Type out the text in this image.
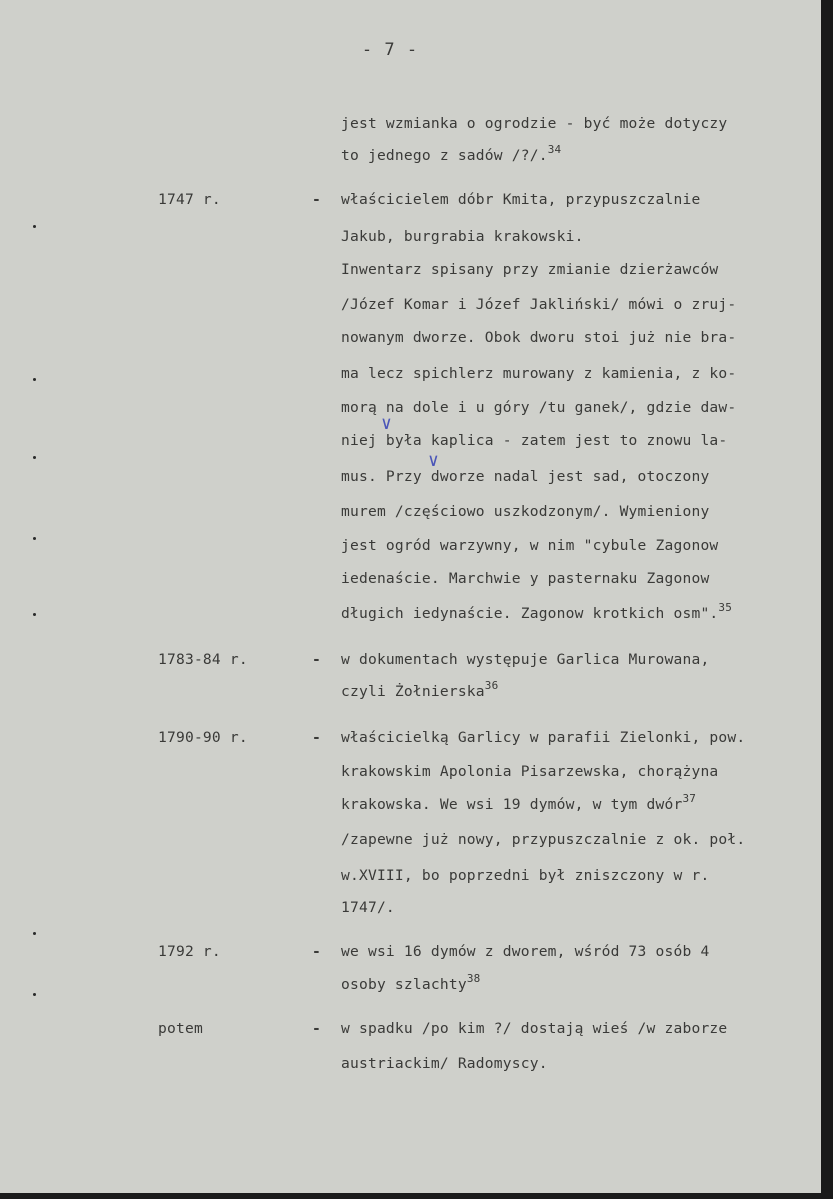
- 7 -
jest wzmianka o ogrodzie - być może dotyczy
to jednego z sadów /?/.$^{34}$
1747 r.	- właścicielem dóbr Kmita, przypuszczalnie
Jakub, burgrabia krakowski.
Inwentarz spisany przy zmianie dzierżawców
/Józef Komar i Józef Jakliński/ mówi o zruj-
nowanym dworze. Obok dworu stoi już nie bra-
ma lecz spichlerz murowany z kamienia, z ko-
morą na dole i u góry /tu ganek/, gdzie daw-
niej była kaplica - zatem jest to znowu la-
mus. Przy dworze nadal jest sad, otoczony
murem /częściowo uszkodzonym/. Wymieniony
jest ogród warzywny, w nim "cybule Zagonow
iedenaście. Marchwie y pasternaku Zagonow
długich iedynaście. Zagonow krotkich osm".$^{35}$
1783-84 r.	- w dokumentach występuje Garlica Murowana,
czyli Żołnierska$^{36}$
1790-90 r.	- właścicielką Garlicy w parafii Zielonki, pow.
krakowskim Apolonia Pisarzewska, chorążyna
krakowska. We wsi 19 dymów, w tym dwór$^{37}$
/zapewne już nowy, przypuszczalnie z ok. poł.
w.XVIII, bo poprzedni był zniszczony w r.
1747/.
1792 r.	- we wsi 16 dymów z dworem, wśród 73 osób 4
osoby szlachty$^{38}$
potem	- w spadku /po kim ?/ dostają wieś /w zaborze
austriackim/ Radomyscy.
∨
∨
